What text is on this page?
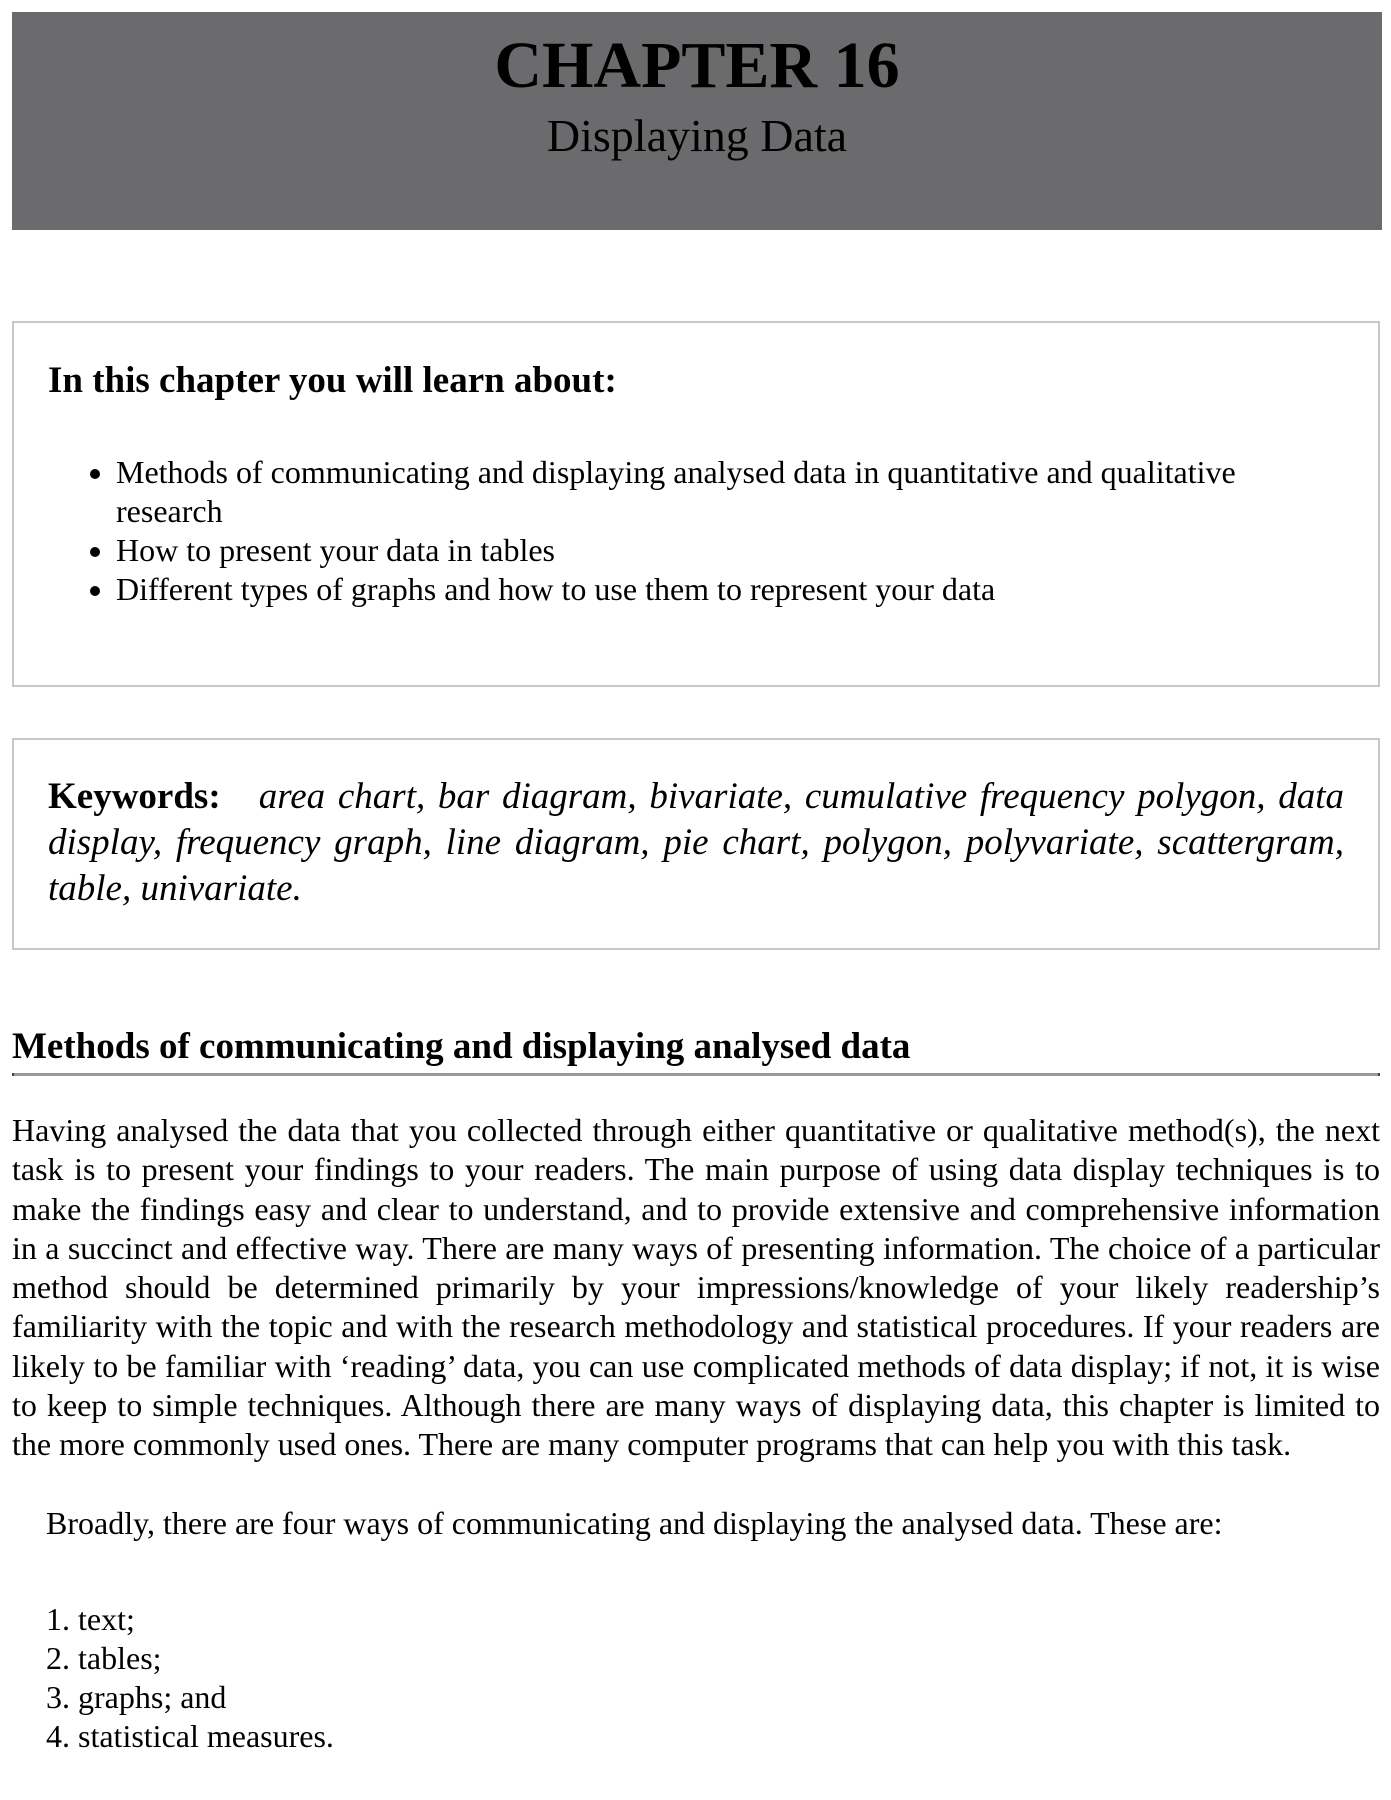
CHAPTER 16
Displaying Data
In this chapter you will learn about:
• Methods of communicating and displaying analysed data in quantitative and qualitative research
• How to present your data in tables
• Different types of graphs and how to use them to represent your data
Keywords: area chart, bar diagram, bivariate, cumulative frequency polygon, data display, frequency graph, line diagram, pie chart, polygon, polyvariate, scattergram, table, univariate.
Methods of communicating and displaying analysed data

Having analysed the data that you collected through either quantitative or qualitative method(s), the next task is to present your findings to your readers. The main purpose of using data display techniques is to make the findings easy and clear to understand, and to provide extensive and comprehensive information in a succinct and effective way. There are many ways of presenting information. The choice of a particular method should be determined primarily by your impressions/knowledge of your likely readership’s familiarity with the topic and with the research methodology and statistical procedures. If your readers are likely to be familiar with ‘reading’ data, you can use complicated methods of data display; if not, it is wise to keep to simple techniques. Although there are many ways of displaying data, this chapter is limited to the more commonly used ones. There are many computer programs that can help you with this task.

Broadly, there are four ways of communicating and displaying the analysed data. These are:

1. text;
2. tables;
3. graphs; and
4. statistical measures.
